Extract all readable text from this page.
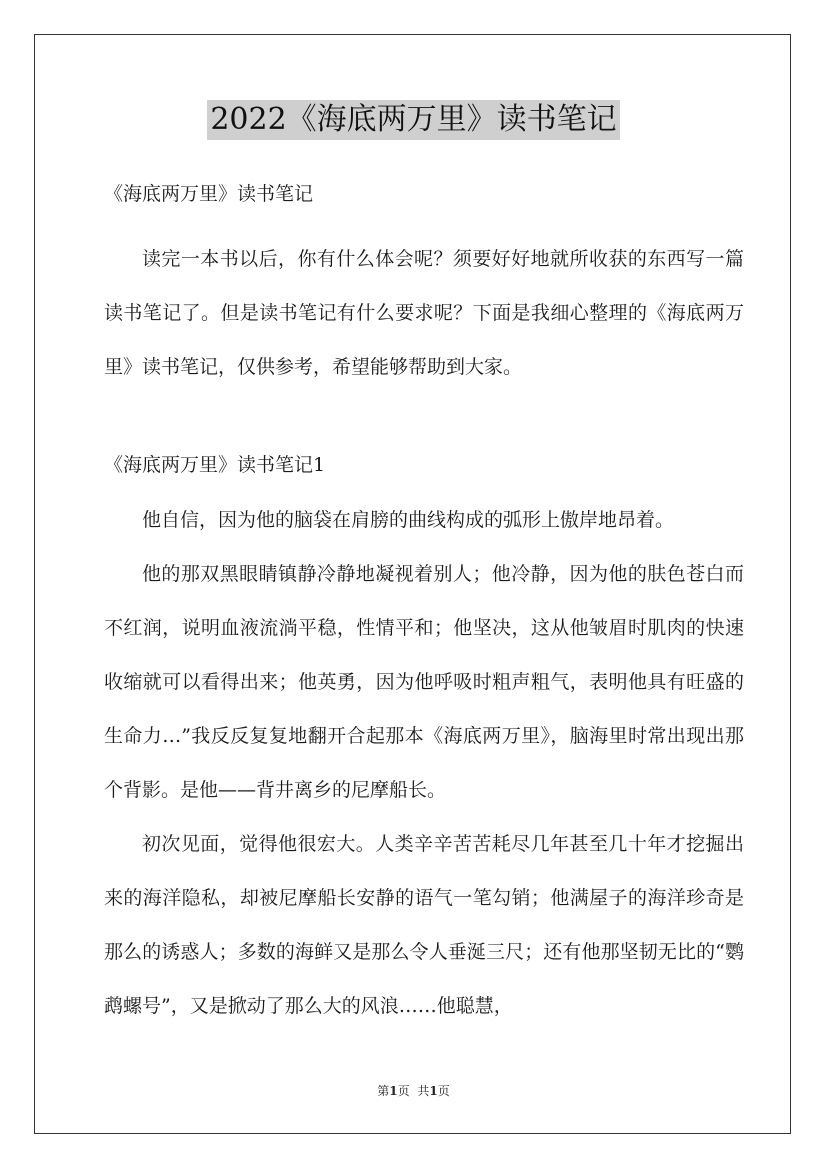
2022《海底两万里》读书笔记

《海底两万里》读书笔记

读完一本书以后，你有什么体会呢？须要好好地就所收获的东西写一篇读书笔记了。但是读书笔记有什么要求呢？下面是我细心整理的《海底两万里》读书笔记，仅供参考，希望能够帮助到大家。

《海底两万里》读书笔记1

他自信，因为他的脑袋在肩膀的曲线构成的弧形上傲岸地昂着。
他的那双黑眼睛镇静冷静地凝视着别人；他冷静，因为他的肤色苍白而不红润，说明血液流淌平稳，性情平和；他坚决，这从他皱眉时肌肉的快速收缩就可以看得出来；他英勇，因为他呼吸时粗声粗气，表明他具有旺盛的生命力…”我反反复复地翻开合起那本《海底两万里》，脑海里时常出现出那个背影。是他——背井离乡的尼摩船长。
初次见面，觉得他很宏大。人类辛辛苦苦耗尽几年甚至几十年才挖掘出来的海洋隐私，却被尼摩船长安静的语气一笔勾销；他满屋子的海洋珍奇是那么的诱惑人；多数的海鲜又是那么令人垂涎三尺；还有他那坚韧无比的“鹦鹉螺号”，又是掀动了那么大的风浪……他聪慧，
第1页 共1页
